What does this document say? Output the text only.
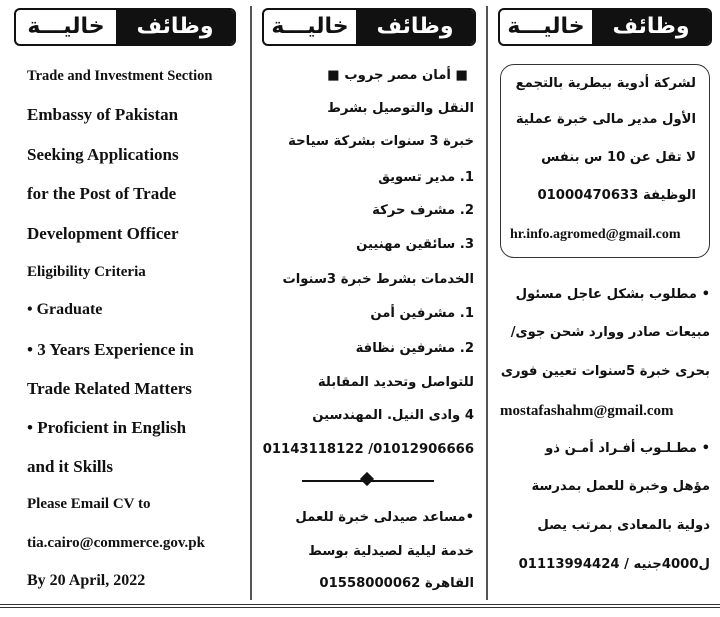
وظائف
خاليـــة
وظائف
خاليـــة
وظائف
خاليـــة
لشركة أدوية بيطرية بالتجمع
الأول مدير مالى خبرة عملية
لا تقل عن 10 س بنفس
الوظيفة 01000470633
hr.info.agromed@gmail.com
• مطلوب بشكل عاجل مسئول
مبيعات صادر ووارد شحن جوى/
بحرى خبرة 5سنوات تعيين فورى
mostafashahm@gmail.com
• مطـلـوب أفـراد أمـن ذو
مؤهل وخبرة للعمل بمدرسة
دولية بالمعادى بمرتب يصل
ل4000جنيه / 01113994424
■ أمان مصر جروب ■
النقل والتوصيل بشرط
خبرة 3 سنوات بشركة سياحة
1. مدير تسويق
2. مشرف حركة
3. سائقين مهنيين
الخدمات بشرط خبرة 3سنوات
1. مشرفين أمن
2. مشرفين نظافة
للتواصل وتحديد المقابلة
4 وادى النيل. المهندسين
01012906666/ 01143118122
•مساعد صيدلى خبرة للعمل
خدمة ليلية لصيدلية بوسط
القاهرة 01558000062
Trade and Investment Section
Embassy of Pakistan
Seeking Applications
for the Post of Trade
Development Officer
Eligibility Criteria
• Graduate
• 3 Years Experience in
Trade Related Matters
• Proficient in English
and it Skills
Please Email CV to
tia.cairo@commerce.gov.pk
By 20 April, 2022
